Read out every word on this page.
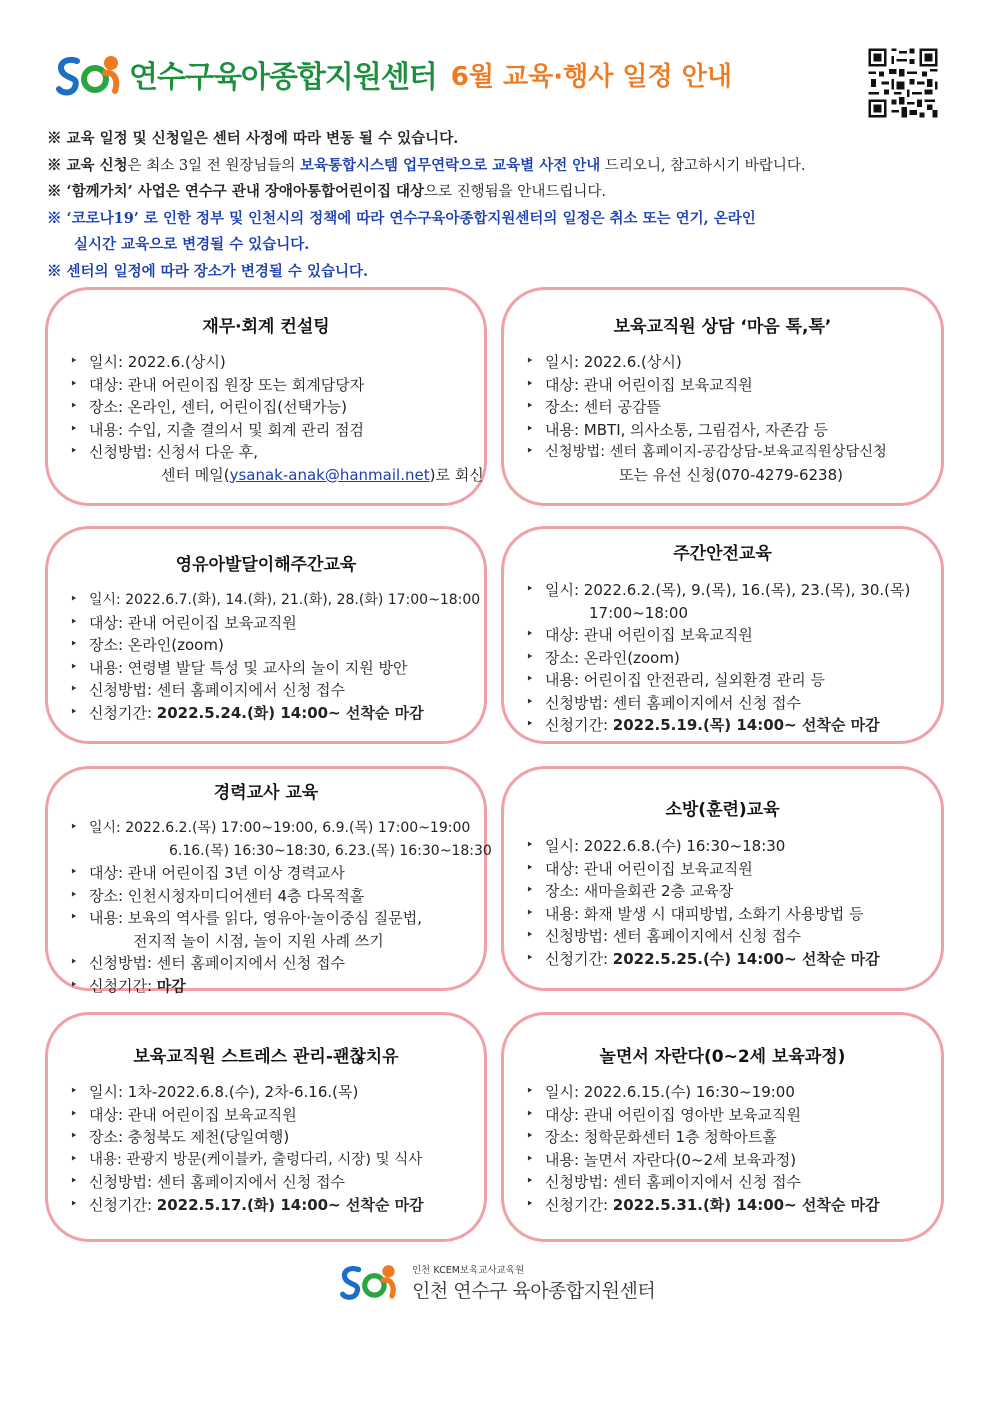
연수구육아종합지원센터 6월 교육·행사 일정 안내
※ 교육 일정 및 신청일은 센터 사정에 따라 변동 될 수 있습니다.
※ 교육 신청은 최소 3일 전 원장님들의 보육통합시스템 업무연락으로 교육별 사전 안내 드리오니, 참고하시기 바랍니다.
※ ‘함께가치’ 사업은 연수구 관내 장애아통합어린이집 대상으로 진행됨을 안내드립니다.
※ ‘코로나19’ 로 인한 정부 및 인천시의 정책에 따라 연수구육아종합지원센터의 일정은 취소 또는 연기, 온라인
실시간 교육으로 변경될 수 있습니다.
※ 센터의 일정에 따라 장소가 변경될 수 있습니다.
재무·회계 컨설팅
‣ 일시: 2022.6.(상시)
‣ 대상: 관내 어린이집 원장 또는 회계담당자
‣ 장소: 온라인, 센터, 어린이집(선택가능)
‣ 내용: 수입, 지출 결의서 및 회계 관리 점검
‣ 신청방법: 신청서 다운 후,
센터 메일(ysanak-anak@hanmail.net)로 회신
보육교직원 상담 ‘마음 톡,톡’
‣ 일시: 2022.6.(상시)
‣ 대상: 관내 어린이집 보육교직원
‣ 장소: 센터 공감뜰
‣ 내용: MBTI, 의사소통, 그림검사, 자존감 등
‣ 신청방법: 센터 홈페이지-공감상담-보육교직원상담신청
또는 유선 신청(070-4279-6238)
영유아발달이해주간교육
‣ 일시: 2022.6.7.(화), 14.(화), 21.(화), 28.(화) 17:00~18:00
‣ 대상: 관내 어린이집 보육교직원
‣ 장소: 온라인(zoom)
‣ 내용: 연령별 발달 특성 및 교사의 놀이 지원 방안
‣ 신청방법: 센터 홈페이지에서 신청 접수
‣ 신청기간: 2022.5.24.(화) 14:00~ 선착순 마감
주간안전교육
‣ 일시: 2022.6.2.(목), 9.(목), 16.(목), 23.(목), 30.(목)
17:00~18:00
‣ 대상: 관내 어린이집 보육교직원
‣ 장소: 온라인(zoom)
‣ 내용: 어린이집 안전관리, 실외환경 관리 등
‣ 신청방법: 센터 홈페이지에서 신청 접수
‣ 신청기간: 2022.5.19.(목) 14:00~ 선착순 마감
경력교사 교육
‣ 일시: 2022.6.2.(목) 17:00~19:00, 6.9.(목) 17:00~19:00
6.16.(목) 16:30~18:30, 6.23.(목) 16:30~18:30
‣ 대상: 관내 어린이집 3년 이상 경력교사
‣ 장소: 인천시청자미디어센터 4층 다목적홀
‣ 내용: 보육의 역사를 읽다, 영유아·놀이중심 질문법,
전지적 놀이 시점, 놀이 지원 사례 쓰기
‣ 신청방법: 센터 홈페이지에서 신청 접수
‣ 신청기간: 마감
소방(훈련)교육
‣ 일시: 2022.6.8.(수) 16:30~18:30
‣ 대상: 관내 어린이집 보육교직원
‣ 장소: 새마을회관 2층 교육장
‣ 내용: 화재 발생 시 대피방법, 소화기 사용방법 등
‣ 신청방법: 센터 홈페이지에서 신청 접수
‣ 신청기간: 2022.5.25.(수) 14:00~ 선착순 마감
보육교직원 스트레스 관리-괜찮치유
‣ 일시: 1차-2022.6.8.(수), 2차-6.16.(목)
‣ 대상: 관내 어린이집 보육교직원
‣ 장소: 충청북도 제천(당일여행)
‣ 내용: 관광지 방문(케이블카, 출렁다리, 시장) 및 식사
‣ 신청방법: 센터 홈페이지에서 신청 접수
‣ 신청기간: 2022.5.17.(화) 14:00~ 선착순 마감
놀면서 자란다(0~2세 보육과정)
‣ 일시: 2022.6.15.(수) 16:30~19:00
‣ 대상: 관내 어린이집 영아반 보육교직원
‣ 장소: 청학문화센터 1층 청학아트홀
‣ 내용: 놀면서 자란다(0~2세 보육과정)
‣ 신청방법: 센터 홈페이지에서 신청 접수
‣ 신청기간: 2022.5.31.(화) 14:00~ 선착순 마감
인천 KCEM보육교사교육원
인천 연수구 육아종합지원센터
